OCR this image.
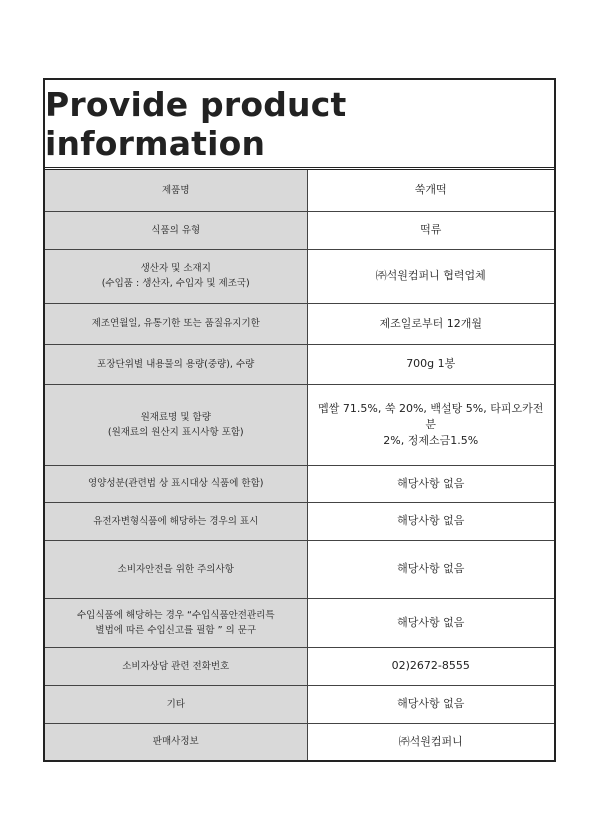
Provide product information
제품명	쑥개떡

식품의 유형	떡류

생산자 및 소재지
(수입품 : 생산자, 수입자 및 제조국)	㈜석원컴퍼니 협력업체

제조연월일, 유통기한 또는 품질유지기한	제조일로부터 12개월

포장단위별 내용물의 용량(중량), 수량	700g 1봉

원재료명 및 함량
(원재료의 원산지 표시사항 포함)	멥쌀 71.5%, 쑥 20%, 백설탕 5%, 타피오카전분
2%, 정제소금1.5%

영양성분(관련법 상 표시대상 식품에 한함)	해당사항 없음

유전자변형식품에 해당하는 경우의 표시	해당사항 없음

소비자안전을 위한 주의사항	해당사항 없음

수입식품에 해당하는 경우 “수입식품안전관리특
별법에 따른 수입신고를 필함 ” 의 문구	해당사항 없음

소비자상담 관련 전화번호	02)2672-8555

기타	해당사항 없음

판매사정보	㈜석원컴퍼니
